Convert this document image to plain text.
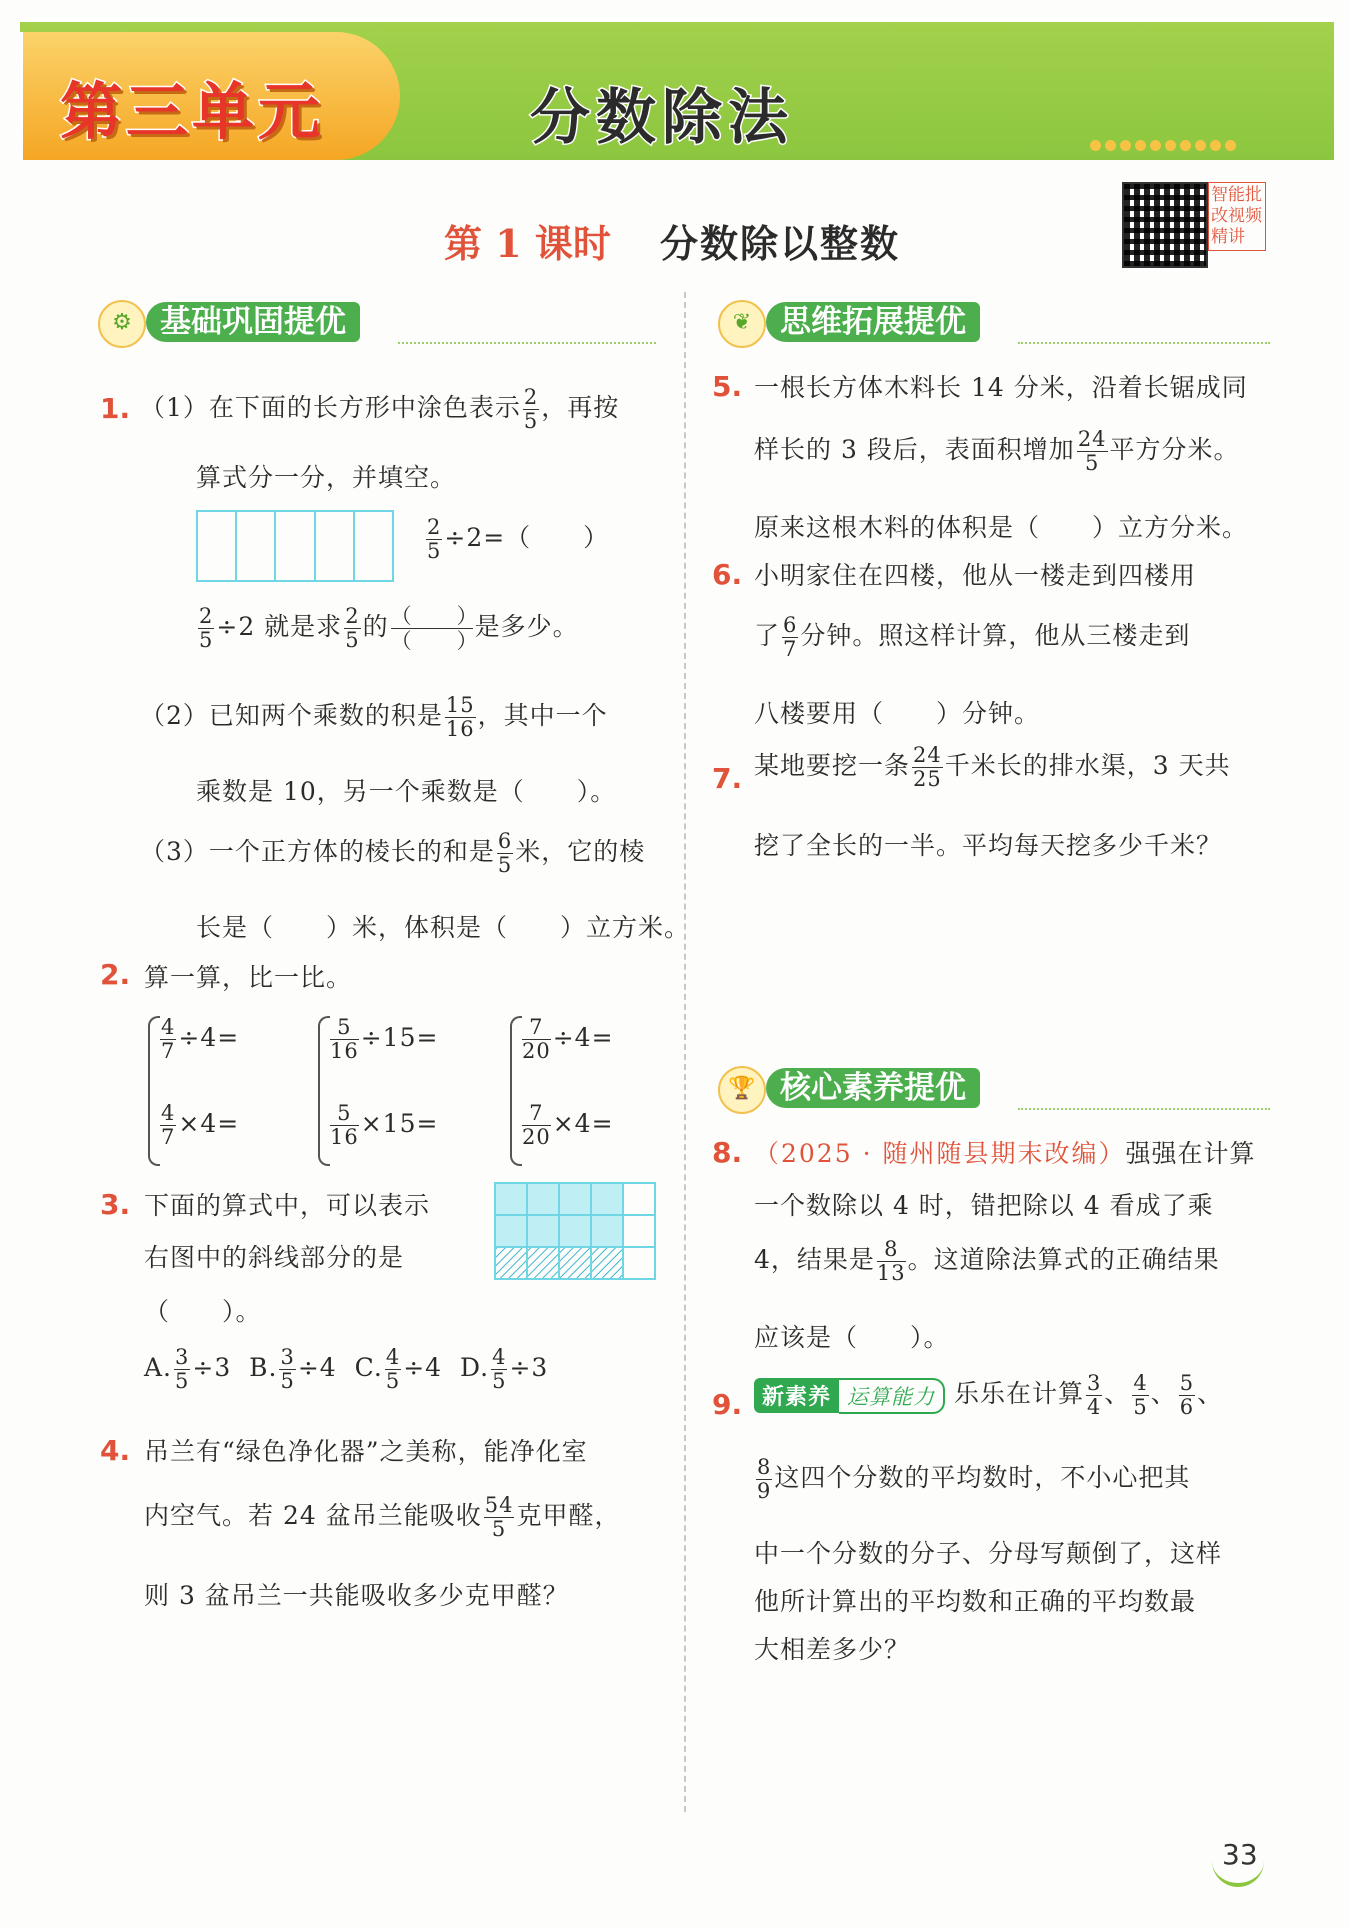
第三单元	分数除法
第 1 课时 分数除以整数
智能批改视频精讲
⚙ 基础巩固提优
1. （1）在下面的长方形中涂色表示 $\frac{2}{5}$ ，再按
算式分一分，并填空。
$\frac{2}{5} \div 2=$（　　）
$\frac{2}{5} \div 2$ 就是求 $\frac{2}{5}$ 的 （　　）
（　　）是多少。
（2）已知两个乘数的积是 $\frac{15}{16}$ ，其中一个
乘数是 10，另一个乘数是（　　）。
（3）一个正方体的棱长的和是 $\frac{6}{5}$ 米，它的棱
长是（　　）米，体积是（　　）立方米。
2. 算一算，比一比。
$\frac{4}{7} \div 4=$
$\frac{4}{7} \times 4=$
$\frac{5}{16} \div 15=$
$\frac{5}{16} \times 15=$
$\frac{7}{20} \div 4=$
$\frac{7}{20} \times 4=$
3. 下面的算式中，可以表示
右图中的斜线部分的是
（　　）。
A. $\frac{3}{5} \div 3$ B. $\frac{3}{5} \div 4$ C. $\frac{4}{5} \div 4$ D. $\frac{4}{5} \div 3$
4. 吊兰有“绿色净化器”之美称，能净化室
内空气。若 24 盆吊兰能吸收 $\frac{54}{5}$ 克甲醛，
则 3 盆吊兰一共能吸收多少克甲醛？
❦ 思维拓展提优
5. 一根长方体木料长 14 分米，沿着长锯成同
样长的 3 段后，表面积增加 $\frac{24}{5}$ 平方分米。
原来这根木料的体积是（　　）立方分米。
6. 小明家住在四楼，他从一楼走到四楼用
了 $\frac{6}{7}$ 分钟。照这样计算，他从三楼走到
八楼要用（　　）分钟。
7. 某地要挖一条 $\frac{24}{25}$ 千米长的排水渠，3 天共
挖了全长的一半。平均每天挖多少千米？
🏆 核心素养提优
8. （2025 · 随州随县期末改编）强强在计算
一个数除以 4 时，错把除以 4 看成了乘
4，结果是 $\frac{8}{13}$ 。这道除法算式的正确结果
应该是（　　）。
9. 新素养 运算能力 乐乐在计算 $\frac{3}{4}$ 、 $\frac{4}{5}$ 、 $\frac{5}{6}$ 、
$\frac{8}{9}$ 这四个分数的平均数时，不小心把其
中一个分数的分子、分母写颠倒了，这样
他所计算出的平均数和正确的平均数最
大相差多少？
33
